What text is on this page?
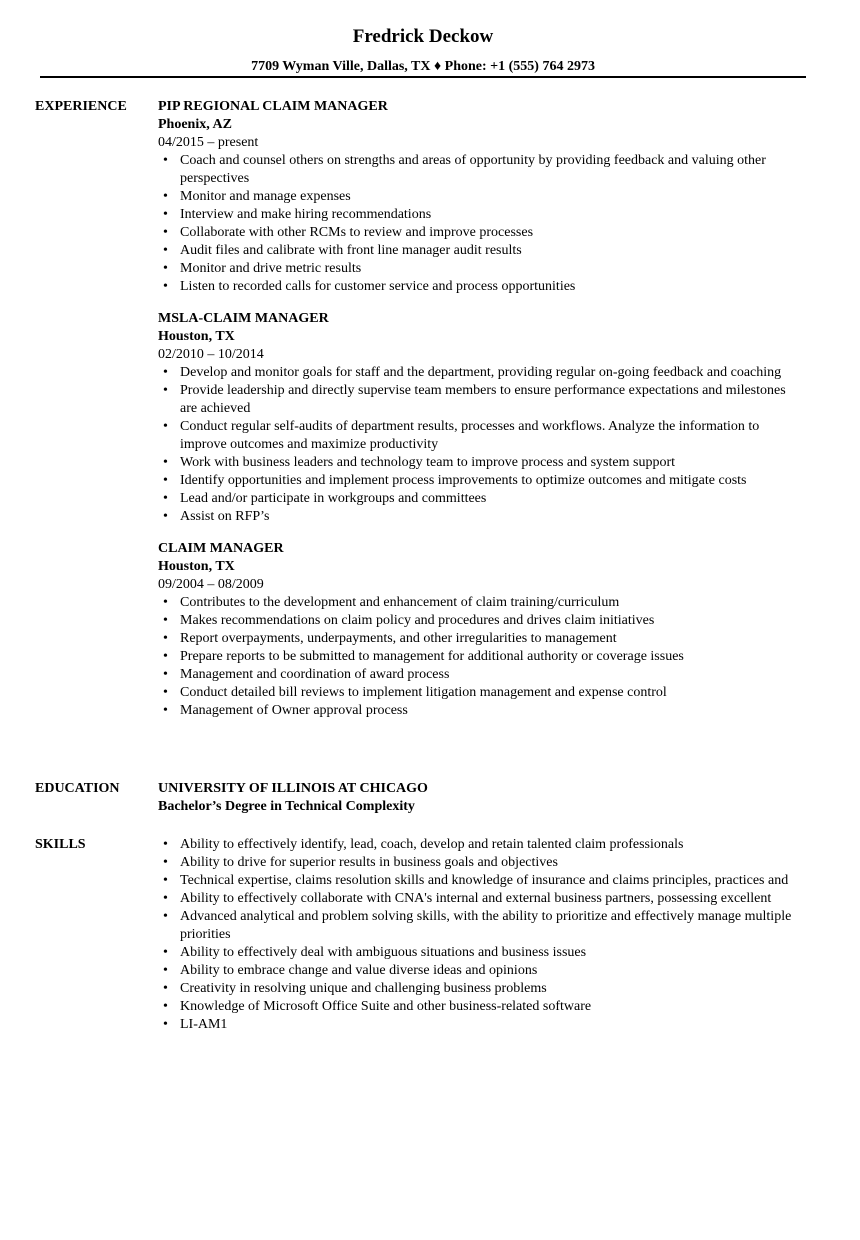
Fredrick Deckow
7709 Wyman Ville, Dallas, TX ♦ Phone: +1 (555) 764 2973
EXPERIENCE PIP REGIONAL CLAIM MANAGER
Phoenix, AZ
04/2015 – present
• Coach and counsel others on strengths and areas of opportunity by providing feedback and valuing other perspectives
• Monitor and manage expenses
• Interview and make hiring recommendations
• Collaborate with other RCMs to review and improve processes
• Audit files and calibrate with front line manager audit results
• Monitor and drive metric results
• Listen to recorded calls for customer service and process opportunities
MSLA-CLAIM MANAGER
Houston, TX
02/2010 – 10/2014
• Develop and monitor goals for staff and the department, providing regular on-going feedback and coaching
• Provide leadership and directly supervise team members to ensure performance expectations and milestones are achieved
• Conduct regular self-audits of department results, processes and workflows. Analyze the information to improve outcomes and maximize productivity
• Work with business leaders and technology team to improve process and system support
• Identify opportunities and implement process improvements to optimize outcomes and mitigate costs
• Lead and/or participate in workgroups and committees
• Assist on RFP’s
CLAIM MANAGER
Houston, TX
09/2004 – 08/2009
• Contributes to the development and enhancement of claim training/curriculum
• Makes recommendations on claim policy and procedures and drives claim initiatives
• Report overpayments, underpayments, and other irregularities to management
• Prepare reports to be submitted to management for additional authority or coverage issues
• Management and coordination of award process
• Conduct detailed bill reviews to implement litigation management and expense control
• Management of Owner approval process
EDUCATION	UNIVERSITY OF ILLINOIS AT CHICAGO
Bachelor’s Degree in Technical Complexity
SKILLS
•	Ability to effectively identify, lead, coach, develop and retain talented claim professionals
• Ability to drive for superior results in business goals and objectives
• Technical expertise, claims resolution skills and knowledge of insurance and claims principles, practices and
• Ability to effectively collaborate with CNA's internal and external business partners, possessing excellent
• Advanced analytical and problem solving skills, with the ability to prioritize and effectively manage multiple priorities
• Ability to effectively deal with ambiguous situations and business issues
• Ability to embrace change and value diverse ideas and opinions
• Creativity in resolving unique and challenging business problems
• Knowledge of Microsoft Office Suite and other business-related software
• LI-AM1
